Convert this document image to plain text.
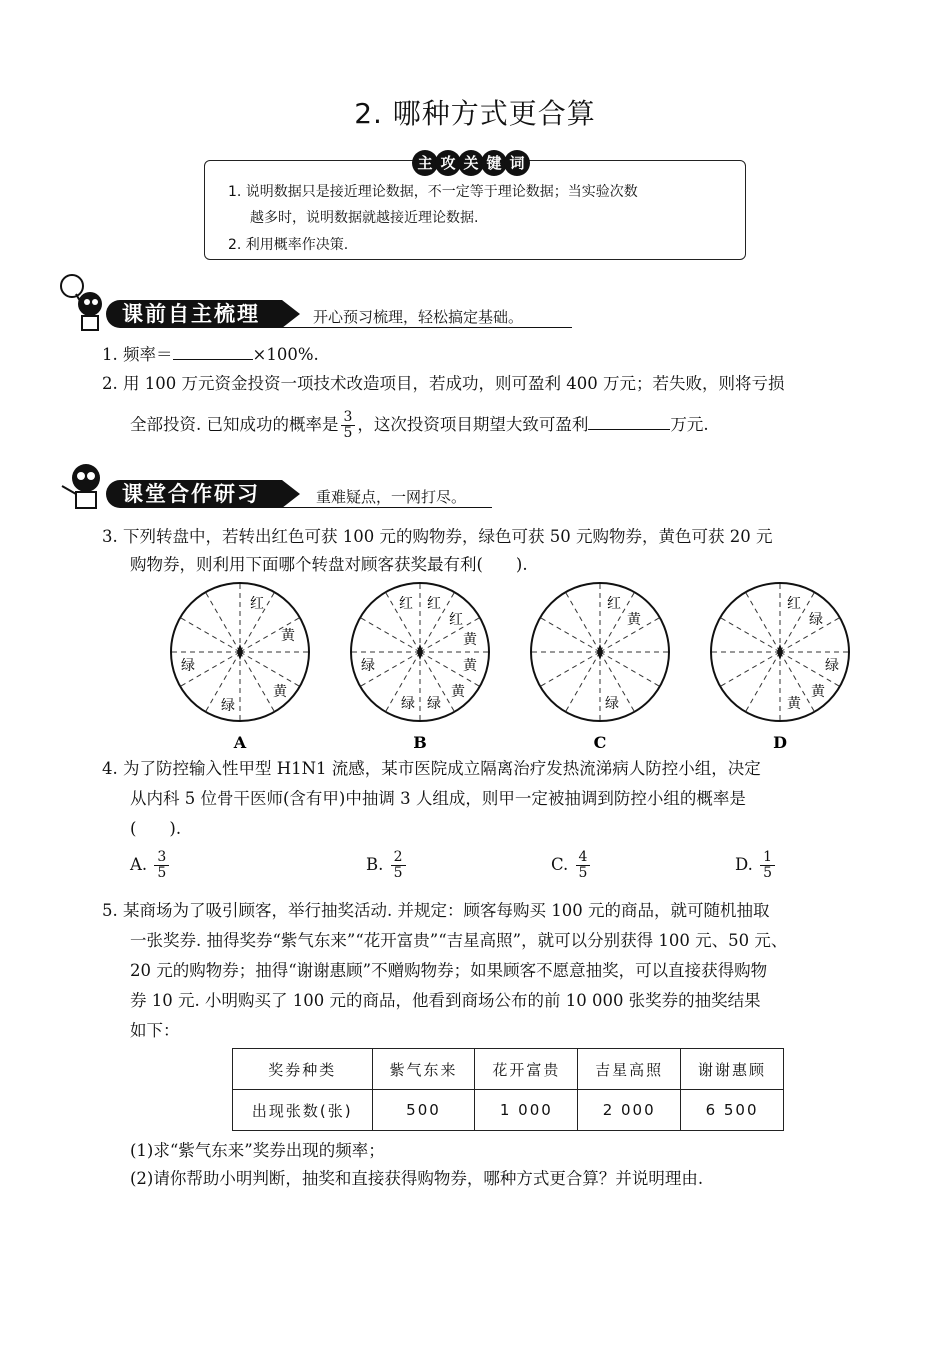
2. 哪种方式更合算
主 攻 关 键 词
1. 说明数据只是接近理论数据，不一定等于理论数据；当实验次数
越多时，说明数据就越接近理论数据.
2. 利用概率作决策.
课前自主梳理	开心预习梳理，轻松搞定基础。
1. 频率＝	×100%.
2. 用 100 万元资金投资一项技术改造项目，若成功，则可盈利 400 万元；若失败，则将亏损
全部投资. 已知成功的概率是 $\frac{3}{5}$ ，这次投资项目期望大致可盈利	万元.
课堂合作研习	重难疑点，一网打尽。
3. 下列转盘中，若转出红色可获 100 元的购物券，绿色可获 50 元购物券，黄色可获 20 元
购物券，则利用下面哪个转盘对顾客获奖最有利(　　).
红
黄
黄
绿
绿
红 红
红
黄
黄
黄
绿
绿 绿
红
黄
绿
红
绿
绿
黄
黄
A	B	C	D
4. 为了防控输入性甲型 H1N1 流感，某市医院成立隔离治疗发热流涕病人防控小组，决定
从内科 5 位骨干医师(含有甲)中抽调 3 人组成，则甲一定被抽调到防控小组的概率是
(　　).
A. $\frac{3}{5}$	B. $\frac{2}{5}$	C. $\frac{4}{5}$	D. $\frac{1}{5}$
5. 某商场为了吸引顾客，举行抽奖活动. 并规定：顾客每购买 100 元的商品，就可随机抽取
一张奖券. 抽得奖券“紫气东来”“花开富贵”“吉星高照”，就可以分别获得 100 元、50 元、
20 元的购物券；抽得“谢谢惠顾”不赠购物券；如果顾客不愿意抽奖，可以直接获得购物
券 10 元. 小明购买了 100 元的商品，他看到商场公布的前 10 000 张奖券的抽奖结果
如下：
奖券种类	紫气东来	花开富贵	吉星高照	谢谢惠顾
出现张数(张)	500	1 000	2 000	6 500
(1)求“紫气东来”奖券出现的频率；
(2)请你帮助小明判断，抽奖和直接获得购物券，哪种方式更合算？并说明理由.
